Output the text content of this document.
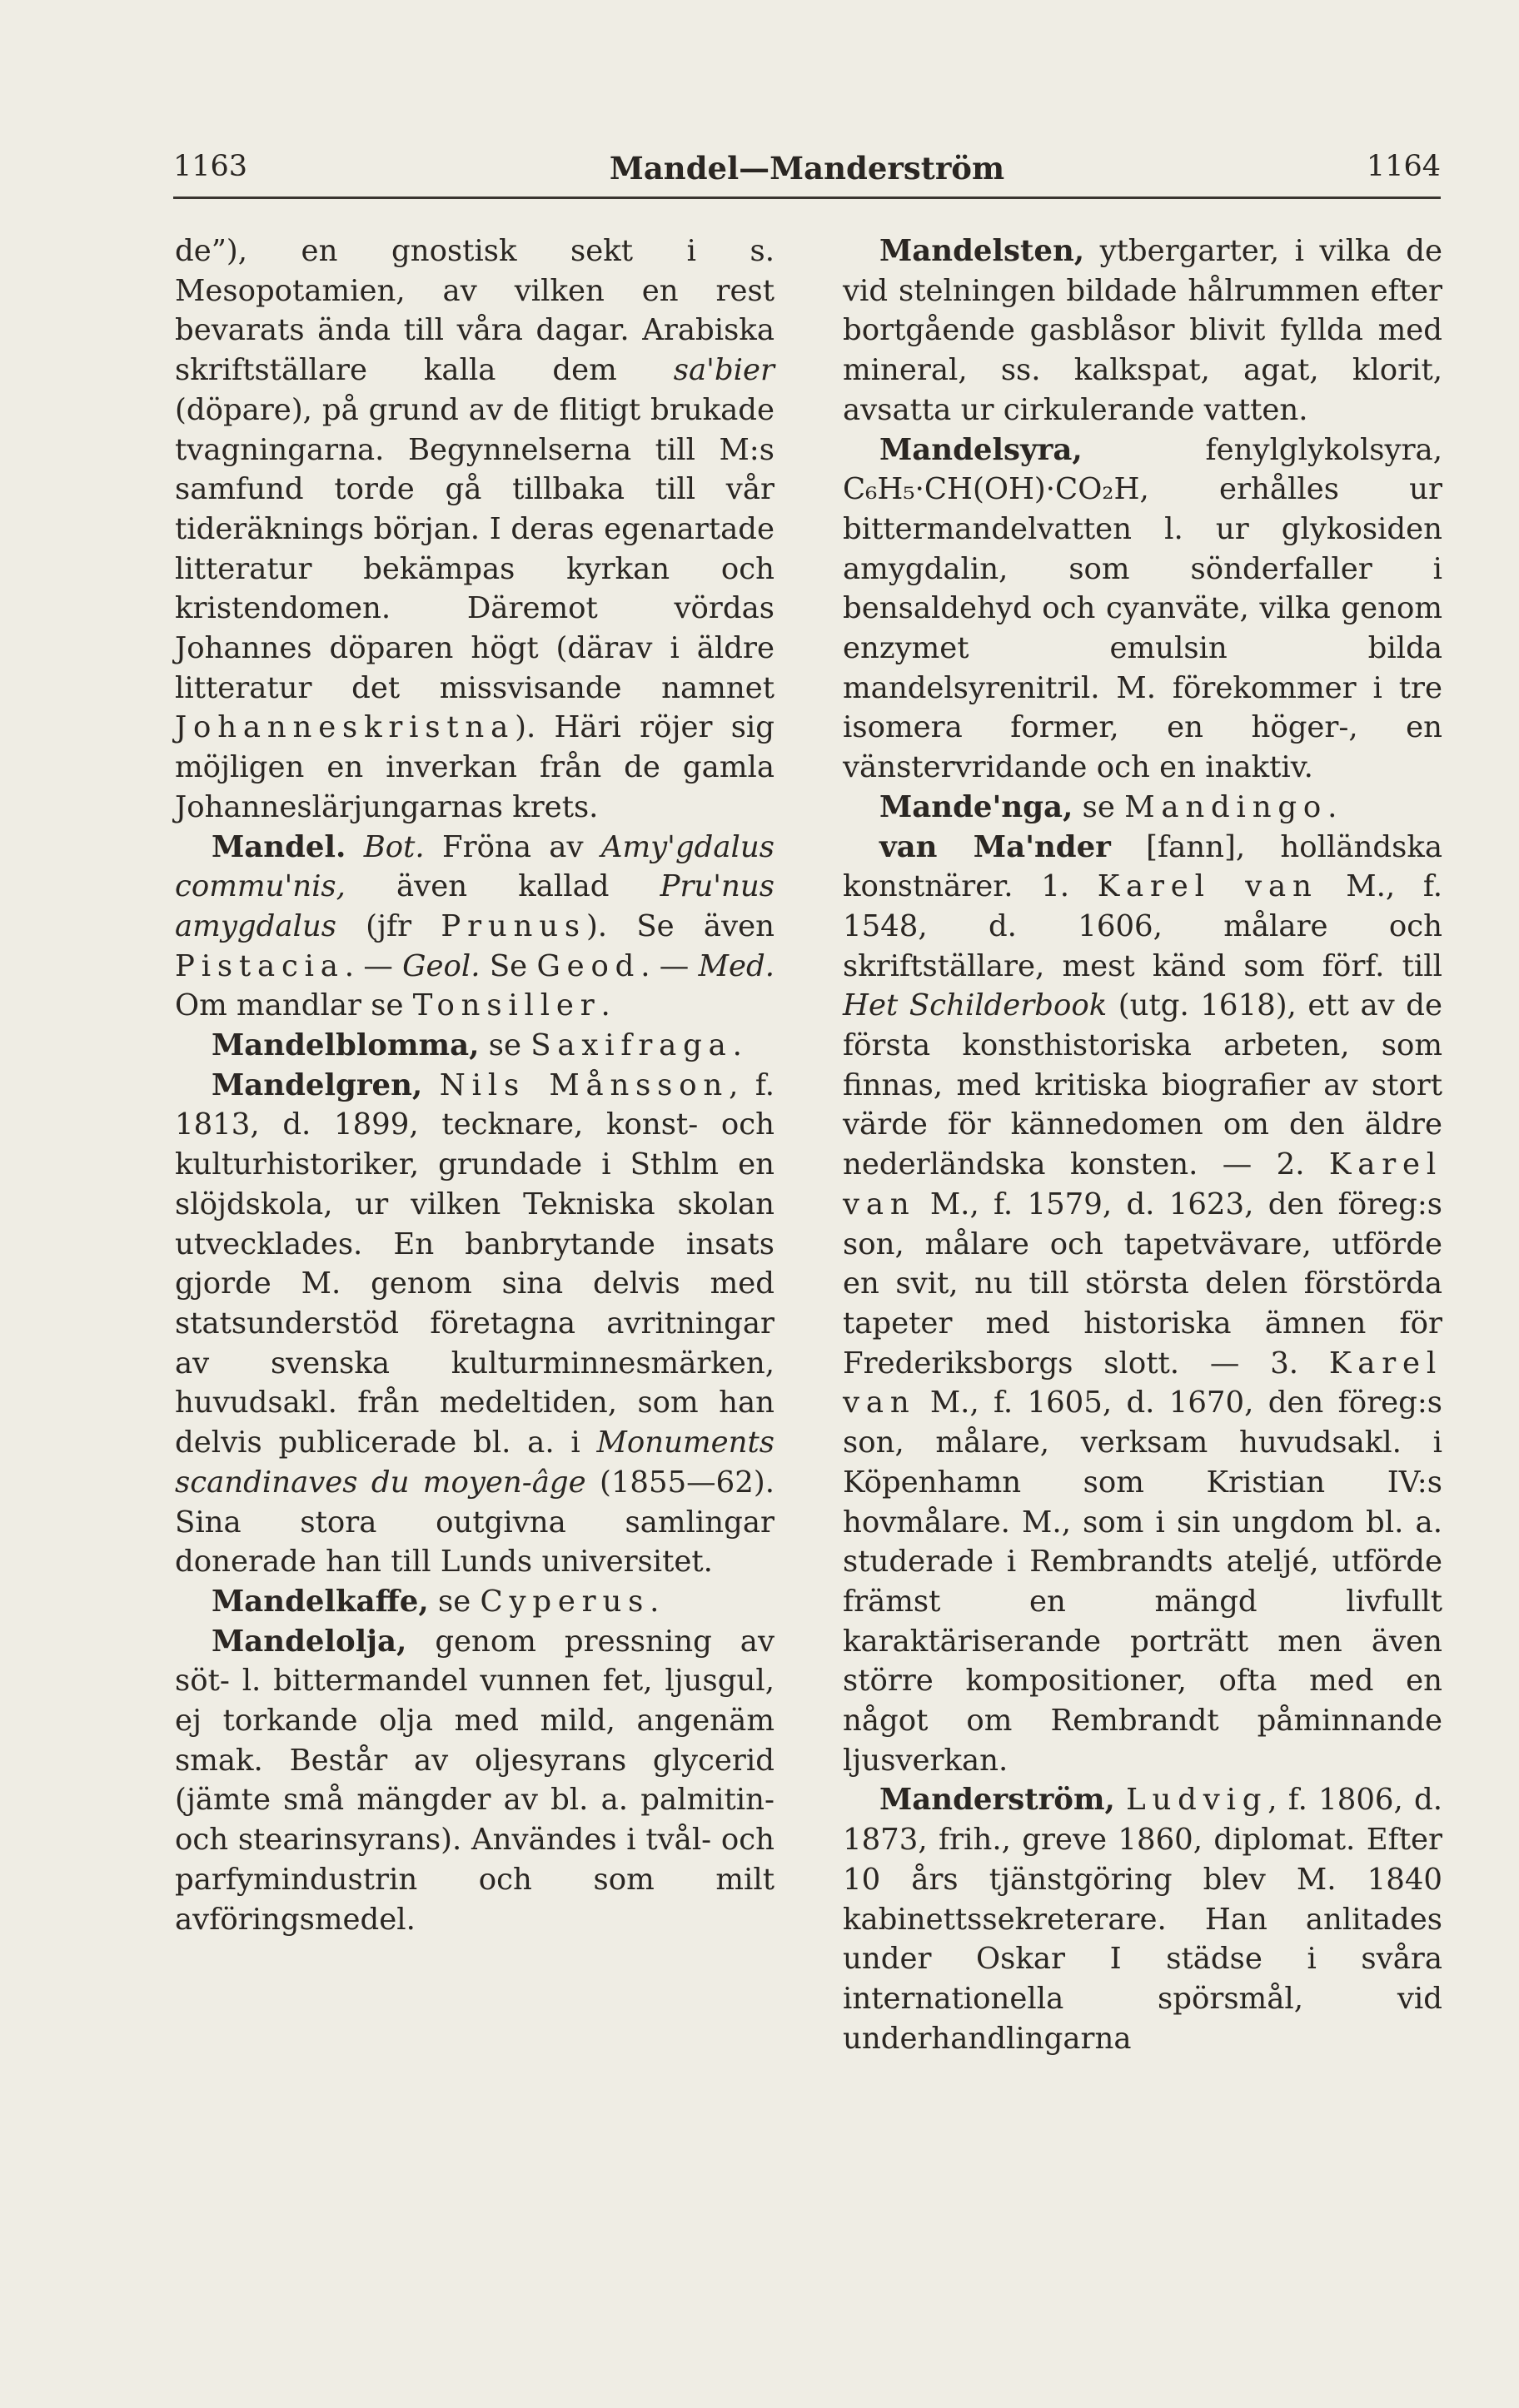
1163	Mandel—Manderström	1164

de”), en gnostisk sekt i s. Mesopotamien, av vilken en rest bevarats ända till våra dagar. Arabiska skriftställare kalla dem sa'bier (döpare), på grund av de flitigt brukade tvagningarna. Begynnelserna till M:s samfund torde gå tillbaka till vår tideräknings början. I deras egenartade litteratur bekämpas kyrkan och kristendomen. Däremot vördas Johannes döparen högt (därav i äldre litteratur det missvisande namnet Johanneskristna). Häri röjer sig möjligen en inverkan från de gamla Johanneslärjungarnas krets.

Mandel. Bot. Fröna av Amy'gdalus commu'nis, även kallad Pru'nus amygdalus (jfr Prunus). Se även Pistacia. — Geol. Se Geod. — Med. Om mandlar se Tonsiller.

Mandelblomma, se Saxifraga.

Mandelgren, Nils Månsson, f. 1813, d. 1899, tecknare, konst- och kulturhistoriker, grundade i Sthlm en slöjdskola, ur vilken Tekniska skolan utvecklades. En banbrytande insats gjorde M. genom sina delvis med statsunderstöd företagna avritningar av svenska kulturminnesmärken, huvudsakl. från medeltiden, som han delvis publicerade bl. a. i Monuments scandinaves du moyen-âge (1855—62). Sina stora outgivna samlingar donerade han till Lunds universitet.

Mandelkaffe, se Cyperus.

Mandelolja, genom pressning av söt- l. bittermandel vunnen fet, ljusgul, ej torkande olja med mild, angenäm smak. Består av oljesyrans glycerid (jämte små mängder av bl. a. palmitin- och stearinsyrans). Användes i tvål- och parfymindustrin och som milt avföringsmedel.

Mandelsten, ytbergarter, i vilka de vid stelningen bildade hålrummen efter bortgående gasblåsor blivit fyllda med mineral, ss. kalkspat, agat, klorit, avsatta ur cirkulerande vatten.

Mandelsyra, fenylglykolsyra, C₆H₅·CH(OH)·CO₂H, erhålles ur bittermandelvatten l. ur glykosiden amygdalin, som sönderfaller i bensaldehyd och cyanväte, vilka genom enzymet emulsin bilda mandelsyrenitril. M. förekommer i tre isomera former, en höger-, en vänstervridande och en inaktiv.

Mande'nga, se Mandingo.

van Ma'nder [fann], holländska konstnärer. 1. Karel van M., f. 1548, d. 1606, målare och skriftställare, mest känd som förf. till Het Schilderbook (utg. 1618), ett av de första konsthistoriska arbeten, som finnas, med kritiska biografier av stort värde för kännedomen om den äldre nederländska konsten. — 2. Karel van M., f. 1579, d. 1623, den föreg:s son, målare och tapetvävare, utförde en svit, nu till största delen förstörda tapeter med historiska ämnen för Frederiksborgs slott. — 3. Karel van M., f. 1605, d. 1670, den föreg:s son, målare, verksam huvudsakl. i Köpenhamn som Kristian IV:s hovmålare. M., som i sin ungdom bl. a. studerade i Rembrandts ateljé, utförde främst en mängd livfullt karaktäriserande porträtt men även större kompositioner, ofta med en något om Rembrandt påminnande ljusverkan.

Manderström, Ludvig, f. 1806, d. 1873, frih., greve 1860, diplomat. Efter 10 års tjänstgöring blev M. 1840 kabinettssekreterare. Han anlitades under Oskar I städse i svåra internationella spörsmål, vid underhandlingarna
